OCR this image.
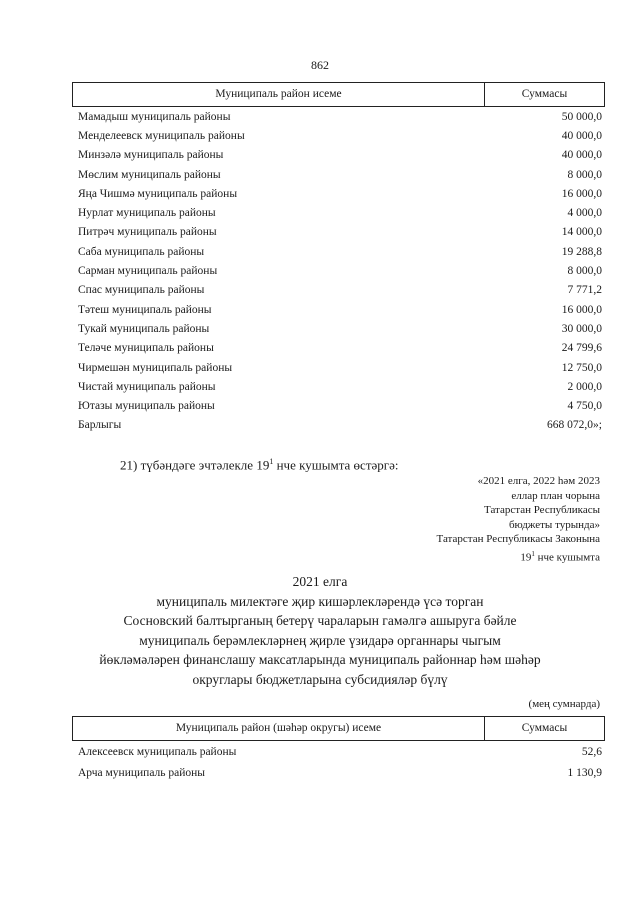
862
Муниципаль район исеме	Суммасы
Мамадыш муниципаль районы	50 000,0
Менделеевск муниципаль районы	40 000,0
Минзәлә муниципаль районы	40 000,0
Мөслим муниципаль районы	8 000,0
Яңа Чишмә муниципаль районы	16 000,0
Нурлат муниципаль районы	4 000,0
Питрәч муниципаль районы	14 000,0
Саба муниципаль районы	19 288,8
Сарман муниципаль районы	8 000,0
Спас муниципаль районы	7 771,2
Тәтеш муниципаль районы	16 000,0
Тукай муниципаль районы	30 000,0
Теләче муниципаль районы	24 799,6
Чирмешән муниципаль районы	12 750,0
Чистай муниципаль районы	2 000,0
Ютазы муниципаль районы	4 750,0
Барлыгы	668 072,0»;
21) түбәндәге эчтәлекле $19^1$ нче кушымта өстәргә:
«2021 елга, 2022 һәм 2023
еллар план чорына
Татарстан Республикасы
бюджеты турында»
Татарстан Республикасы Законына
$19^1$ нче кушымта
2021 елга
муниципаль милектәге җир кишәрлекләрендә үсә торган
Сосновский балтырганың бетерү чараларын гамәлгә ашыруга бәйле
муниципаль берәмлекләрнең җирле үзидарә органнары чыгым
йөкләмәләрен финанслашу максатларында муниципаль районнар һәм шәһәр
округлары бюджетларына субсидияләр бүлү
(мең сумнарда)
Муниципаль район (шәһәр округы) исеме	Суммасы
Алексеевск муниципаль районы	52,6
Арча муниципаль районы	1 130,9
